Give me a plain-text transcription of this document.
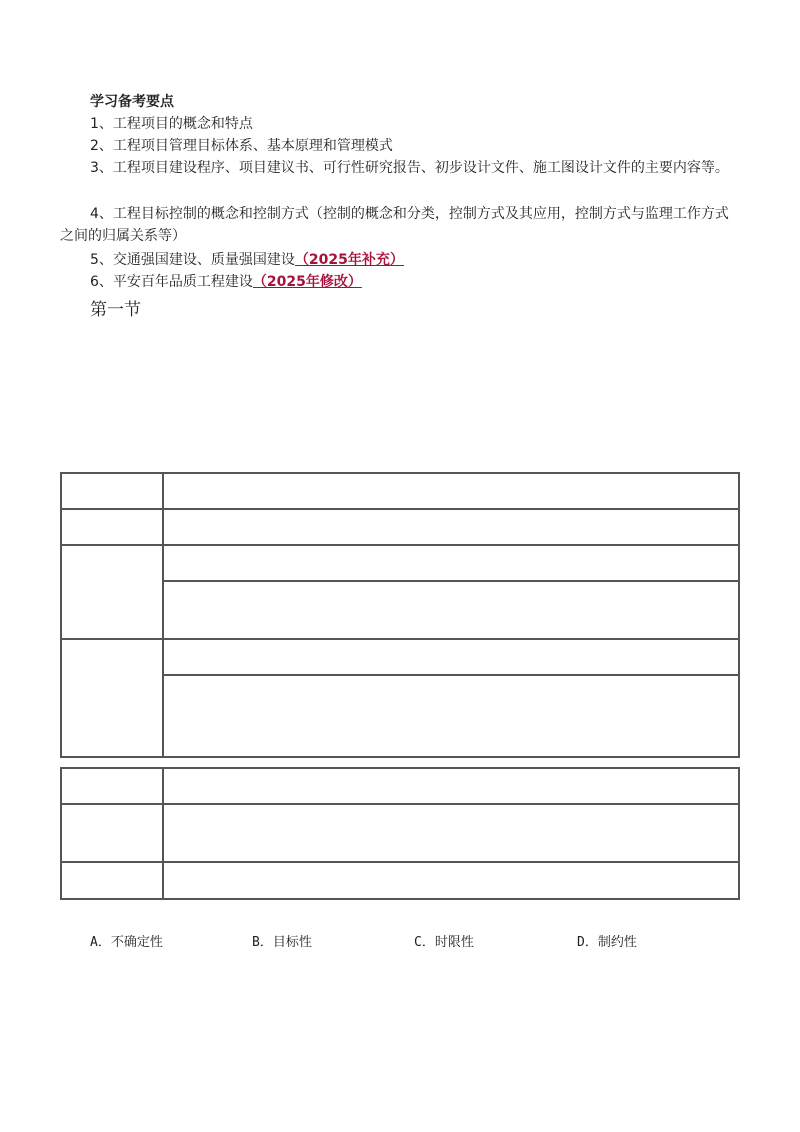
学习备考要点
1、工程项目的概念和特点
2、工程项目管理目标体系、基本原理和管理模式
3、工程项目建设程序、项目建议书、可行性研究报告、初步设计文件、施工图设计文件的主要内容等。
4、工程目标控制的概念和控制方式（控制的概念和分类，控制方式及其应用，控制方式与监理工作方式之间的归属关系等）
5、交通强国建设、质量强国建设（2025年补充）
6、平安百年品质工程建设（2025年修改）
第一节
A．不确定性	B．目标性	C．时限性	D．制约性
